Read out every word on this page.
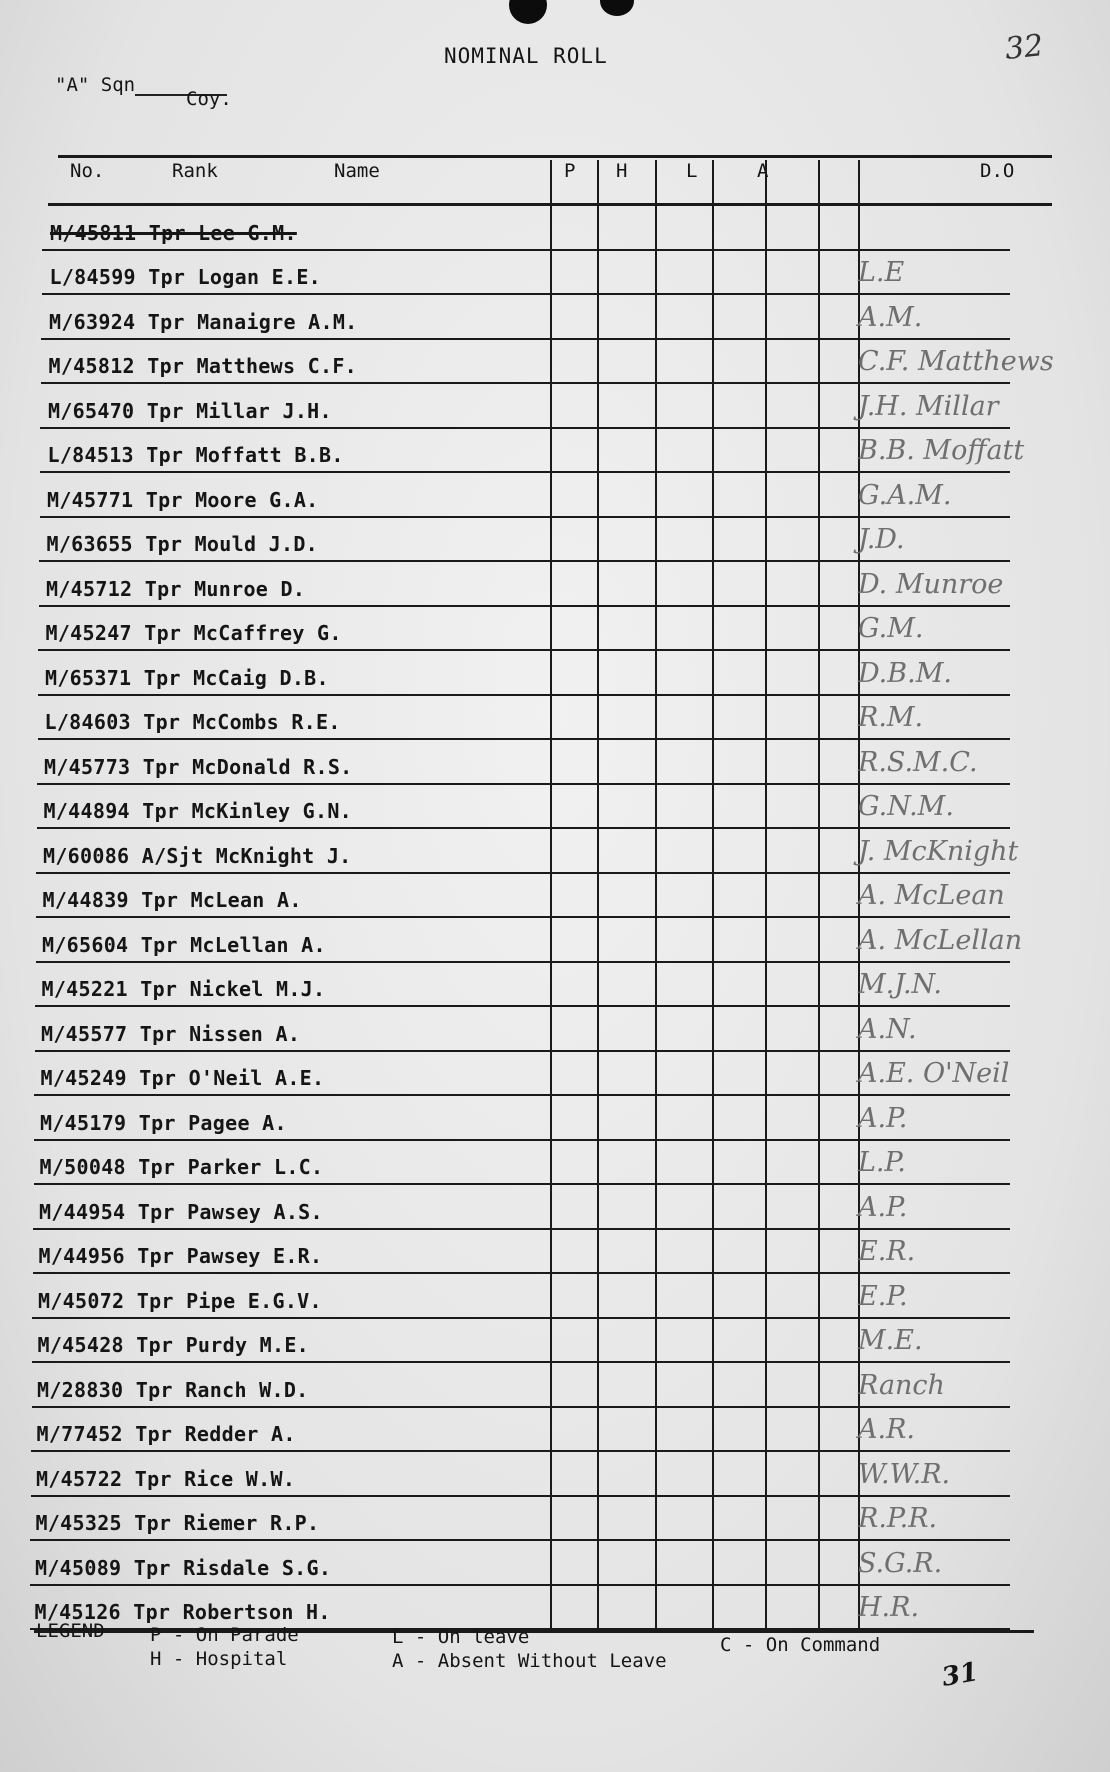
NOMINAL ROLL	32
"A" Sqn
Coy.
No.	Rank	Name	P H	L	A	D.O
M/45811 Tpr Lee G.M.
L/84599 Tpr Logan E.E.	L.E
M/63924 Tpr Manaigre A.M.	A.M.
M/45812 Tpr Matthews C.F.	C.F. Matthews
M/65470 Tpr Millar J.H.	J.H. Millar
L/84513 Tpr Moffatt B.B.	B.B. Moffatt
M/45771 Tpr Moore G.A.	G.A.M.
M/63655 Tpr Mould J.D.	J.D.
M/45712 Tpr Munroe D.	D. Munroe
M/45247 Tpr McCaffrey G.	G.M.
M/65371 Tpr McCaig D.B.	D.B.M.
L/84603 Tpr McCombs R.E.	R.M.
M/45773 Tpr McDonald R.S.	R.S.M.C.
M/44894 Tpr McKinley G.N.	G.N.M.
M/60086 A/Sjt McKnight J.	J. McKnight
M/44839 Tpr McLean A.	A. McLean
M/65604 Tpr McLellan A.	A. McLellan
M/45221 Tpr Nickel M.J.	M.J.N.
M/45577 Tpr Nissen A.	A.N.
M/45249 Tpr O'Neil A.E.	A.E. O'Neil
M/45179 Tpr Pagee A.	A.P.
M/50048 Tpr Parker L.C.	L.P.
M/44954 Tpr Pawsey A.S.	A.P.
M/44956 Tpr Pawsey E.R.	E.R.
M/45072 Tpr Pipe E.G.V.	E.P.
M/45428 Tpr Purdy M.E.	M.E.
M/28830 Tpr Ranch W.D.	Ranch
M/77452 Tpr Redder A.	A.R.
M/45722 Tpr Rice W.W.	W.W.R.
M/45325 Tpr Riemer R.P.	R.P.R.
M/45089 Tpr Risdale S.G.	S.G.R.
M/45126 Tpr Robertson H.	H.R.
LEGEND P - On Parade
H - Hospital
L - On leave
A - Absent Without Leave
C - On Command
31
